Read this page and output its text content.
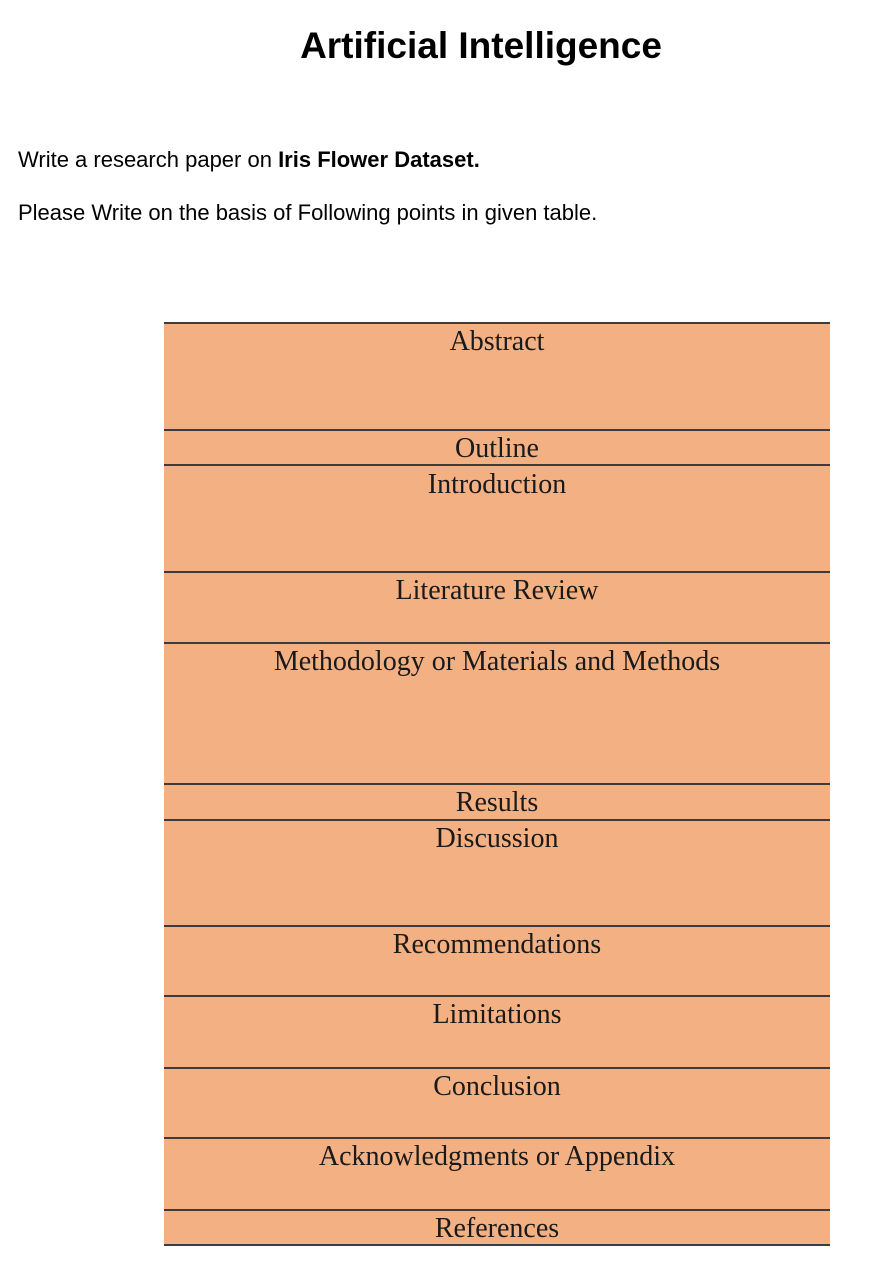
Artificial Intelligence

Write a research paper on Iris Flower Dataset.

Please Write on the basis of Following points in given table.

Abstract
Outline
Introduction
Literature Review
Methodology or Materials and Methods
Results
Discussion
Recommendations
Limitations
Conclusion
Acknowledgments or Appendix
References
